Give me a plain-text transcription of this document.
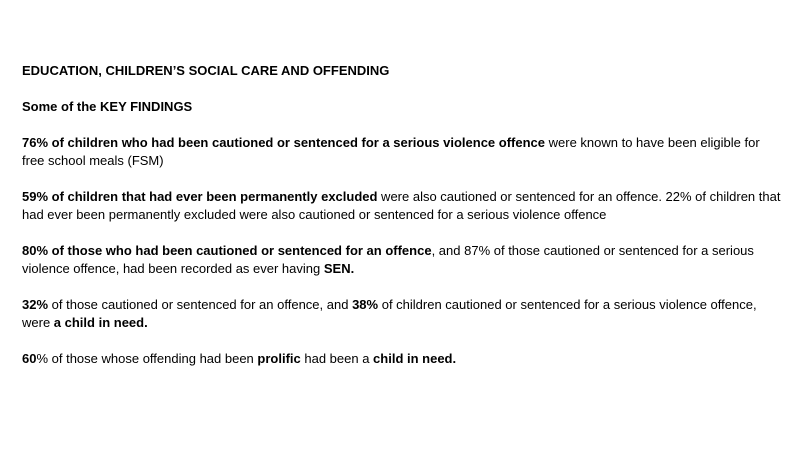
EDUCATION, CHILDREN’S SOCIAL CARE AND OFFENDING

Some of the KEY FINDINGS

76% of children who had been cautioned or sentenced for a serious violence offence were known to have been eligible for free school meals (FSM)

59% of children that had ever been permanently excluded were also cautioned or sentenced for an offence. 22% of children that had ever been permanently excluded were also cautioned or sentenced for a serious violence offence

80% of those who had been cautioned or sentenced for an offence, and 87% of those cautioned or sentenced for a serious violence offence, had been recorded as ever having SEN.

32% of those cautioned or sentenced for an offence, and 38% of children cautioned or sentenced for a serious violence offence, were a child in need.

60% of those whose offending had been prolific had been a child in need.
